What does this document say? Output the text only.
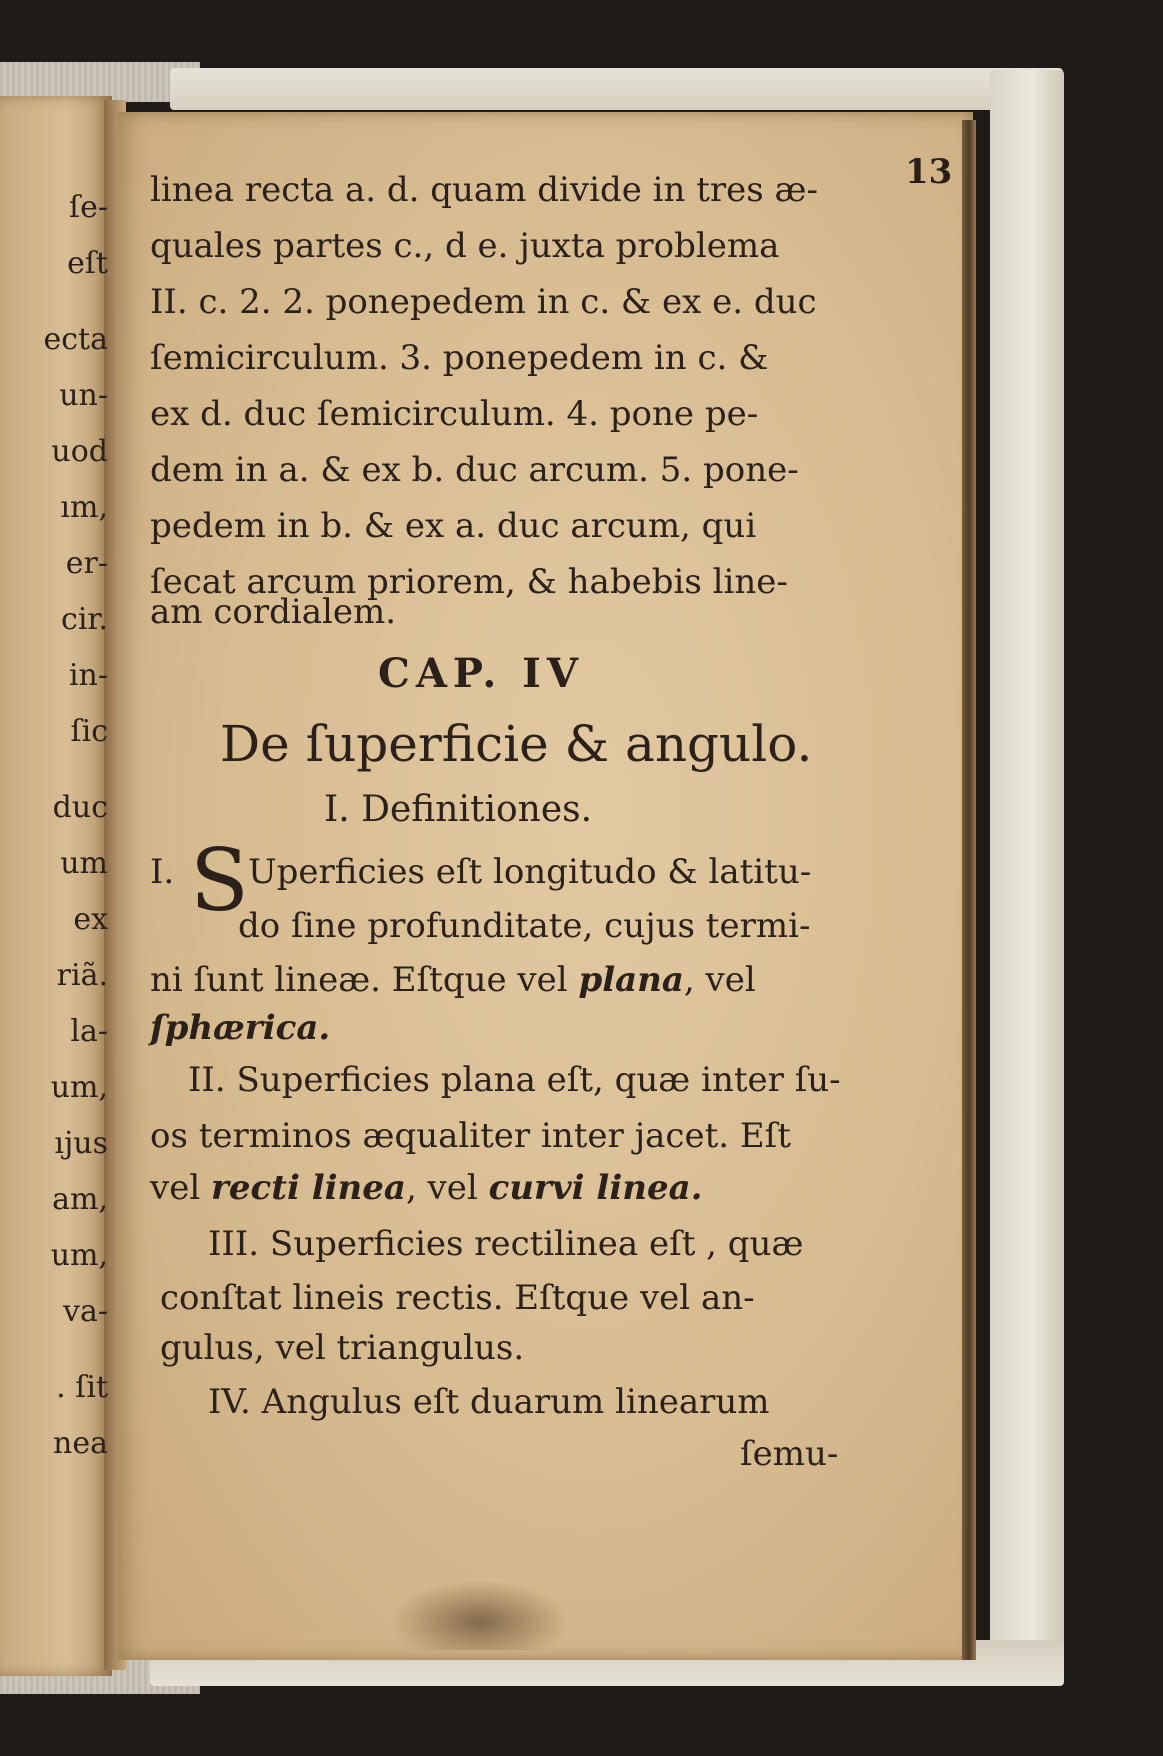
ſe-
eſt
ecta
un-
uod
ım,
er-
cir.
in-
ſic
duc
um
ex
riã.
la-
um,
ıjus
am,
um,
va-
. ſit
nea
13
linea recta a. d. quam divide in tres æ-
quales partes c., d e. juxta problema
II. c. 2. 2. ponepedem in c. & ex e. duc
ſemicirculum. 3. ponepedem in c. &
ex d. duc ſemicirculum. 4. pone pe-
dem in a. & ex b. duc arcum. 5. pone-
pedem in b. & ex a. duc arcum, qui
ſecat arcum priorem, & habebis line-
am cordialem.
CAP. IV
De ſuperficie & angulo.
I. Definitiones.
I. S Uperficies eſt longitudo & latitu-
do ſine profunditate, cujus termi-
ni ſunt lineæ. Eſtque vel plana, vel
ſphærica.
II. Superficies plana eſt, quæ inter ſu-
os terminos æqualiter inter jacet. Eſt
vel recti linea, vel curvi linea.
III. Superficies rectilinea eſt , quæ
conſtat lineis rectis. Eſtque vel an-
gulus, vel triangulus.
IV. Angulus eſt duarum linearum
ſemu-
